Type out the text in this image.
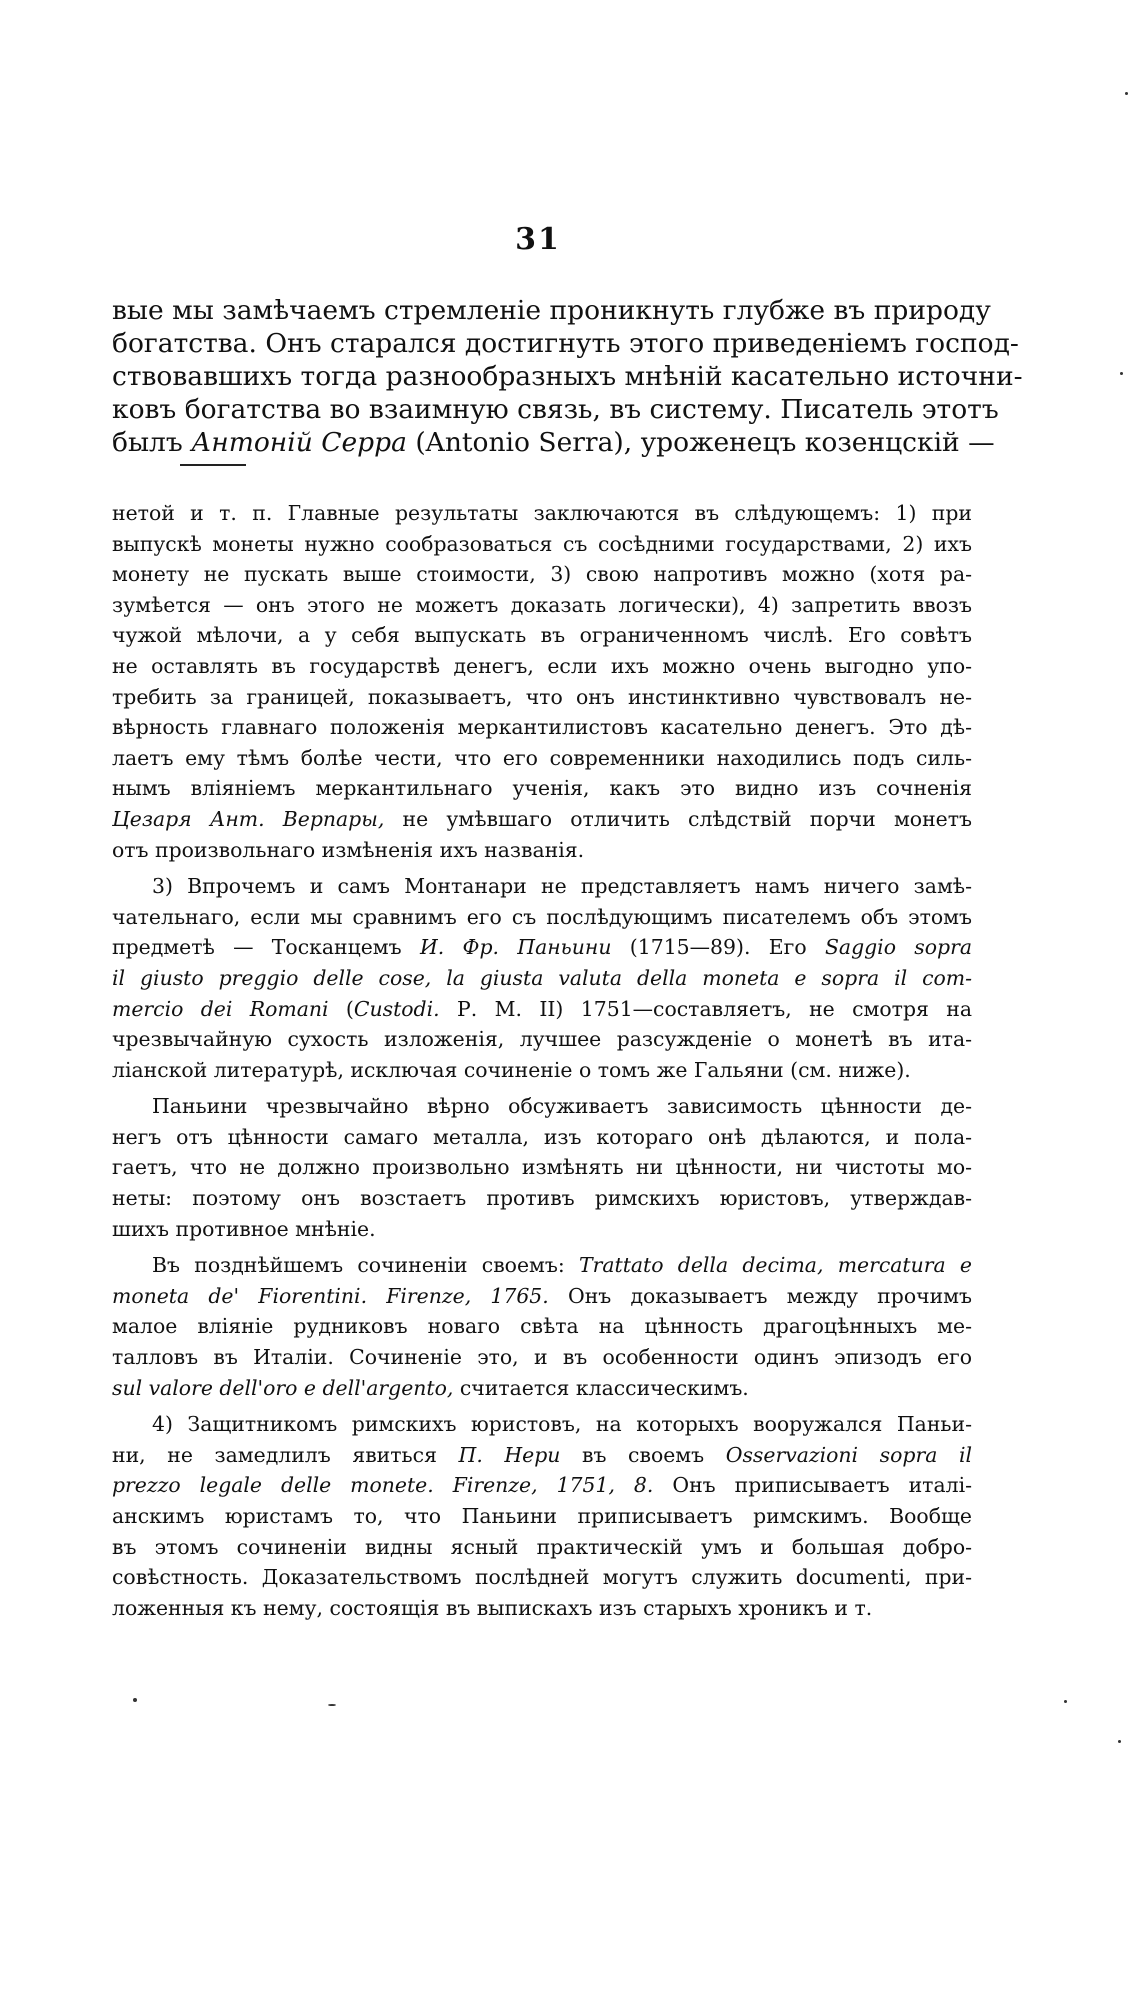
31
вые мы замѣчаемъ стремленіе проникнуть глубже въ природу
богатства. Онъ старался достигнуть этого приведеніемъ господ-
ствовавшихъ тогда разнообразныхъ мнѣній касательно источни-
ковъ богатства во взаимную связь, въ систему. Писатель этотъ
былъ Антоній Серра (Antonio Serra), уроженецъ козенцскій —

нетой и т. п. Главные результаты заключаются въ слѣдующемъ: 1) при
выпускѣ монеты нужно сообразоваться съ сосѣдними государствами, 2) ихъ
монету не пускать выше стоимости, 3) свою напротивъ можно (хотя ра-
зумѣется — онъ этого не можетъ доказать логически), 4) запретить ввозъ
чужой мѣлочи, а у себя выпускать въ ограниченномъ числѣ. Его совѣтъ
не оставлять въ государствѣ денегъ, если ихъ можно очень выгодно упо-
требить за границей, показываетъ, что онъ инстинктивно чувствовалъ не-
вѣрность главнаго положенія меркантилистовъ касательно денегъ. Это дѣ-
лаетъ ему тѣмъ болѣе чести, что его современники находились подъ силь-
нымъ вліяніемъ меркантильнаго ученія, какъ это видно изъ сочненія
Цезаря Ант. Верпары, не умѣвшаго отличить слѣдствій порчи монетъ
отъ произвольнаго измѣненія ихъ названія.

3) Впрочемъ и самъ Монтанари не представляетъ намъ ничего замѣ-
чательнаго, если мы сравнимъ его съ послѣдующимъ писателемъ объ этомъ
предметѣ — Тосканцемъ И. Фр. Паньини (1715—89). Его Saggio sopra
il giusto preggio delle cose, la giusta valuta della moneta e sopra il com-
mercio dei Romani (Custodi. Р. М. II) 1751—составляетъ, не смотря на
чрезвычайную сухость изложенія, лучшее разсужденіе о монетѣ въ ита-
ліанской литературѣ, исключая сочиненіе о томъ же Гальяни (см. ниже).

Паньини чрезвычайно вѣрно обсуживаетъ зависимость цѣнности де-
негъ отъ цѣнности самаго металла, изъ котораго онѣ дѣлаются, и пола-
гаетъ, что не должно произвольно измѣнять ни цѣнности, ни чистоты мо-
неты: поэтому онъ возстаетъ противъ римскихъ юристовъ, утверждав-
шихъ противное мнѣніе.

Въ позднѣйшемъ сочиненіи своемъ: Trattato della decima, mercatura e
moneta de' Fiorentini. Firenze, 1765. Онъ доказываетъ между прочимъ
малое вліяніе рудниковъ новаго свѣта на цѣнность драгоцѣнныхъ ме-
талловъ въ Италіи. Сочиненіе это, и въ особенности одинъ эпизодъ его
sul valore dell'oro e dell'argento, считается классическимъ.

4) Защитникомъ римскихъ юристовъ, на которыхъ вооружался Паньи-
ни, не замедлилъ явиться П. Нери въ своемъ Osservazioni sopra il
prezzo legale delle monete. Firenze, 1751, 8. Онъ приписываетъ италі-
анскимъ юристамъ то, что Паньини приписываетъ римскимъ. Вообще
въ этомъ сочиненіи видны ясный практическій умъ и большая добро-
совѣстность. Доказательствомъ послѣдней могутъ служить documenti, при-
ложенныя къ нему, состоящія въ выпискахъ изъ старыхъ хроникъ и т.
